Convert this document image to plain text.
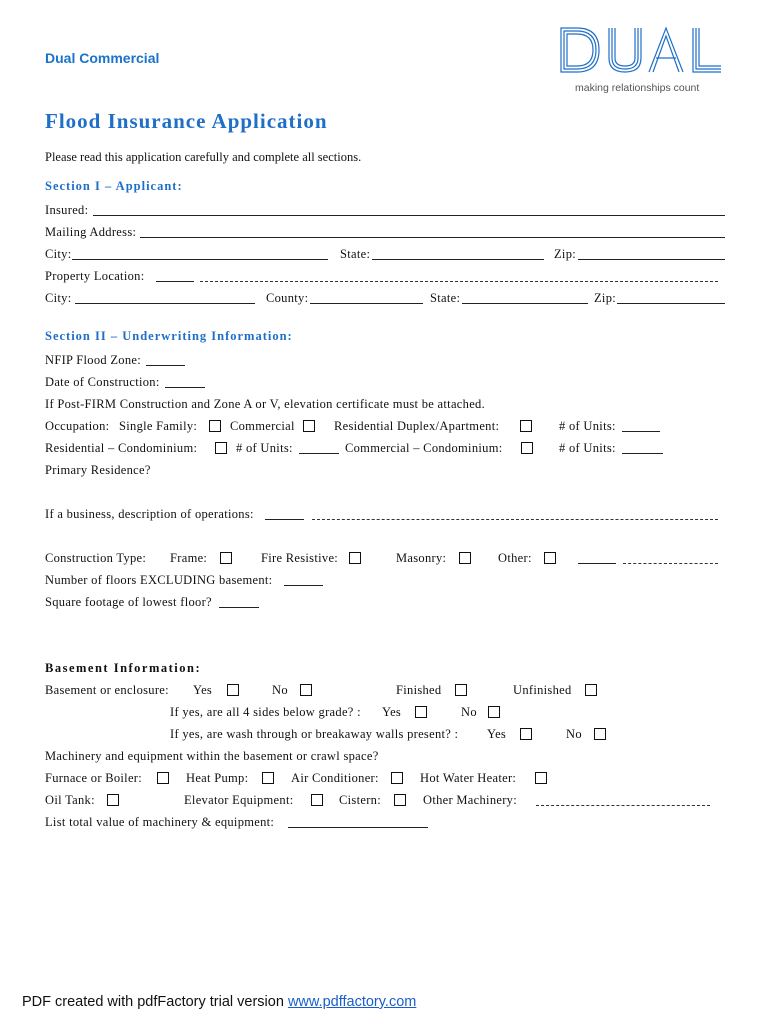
Dual Commercial
making relationships count
Flood Insurance Application
Please read this application carefully and complete all sections.
Section I – Applicant:
Insured:
Mailing Address:
City:	State:	Zip:
Property Location:
City:	County:	State:	Zip:
Section II – Underwriting Information:
NFIP Flood Zone:
Date of Construction:
If Post-FIRM Construction and Zone A or V, elevation certificate must be attached.
Occupation: Single Family:	Commercial	Residential Duplex/Apartment:	# of Units:
Residential – Condominium:	# of Units:	Commercial – Condominium:	# of Units:
Primary Residence?
If a business, description of operations:
Construction Type: Frame:	Fire Resistive:	Masonry:	Other:
Number of floors EXCLUDING basement:
Square footage of lowest floor?
Basement Information:
Basement or enclosure: Yes	No	Finished	Unfinished
If yes, are all 4 sides below grade? : Yes	No
If yes, are wash through or breakaway walls present? : Yes	No
Machinery and equipment within the basement or crawl space?
Furnace or Boiler:	Heat Pump:	Air Conditioner:	Hot Water Heater:
Oil Tank:	Elevator Equipment:	Cistern:	Other Machinery:
List total value of machinery & equipment:
PDF created with pdfFactory trial version www.pdffactory.com
